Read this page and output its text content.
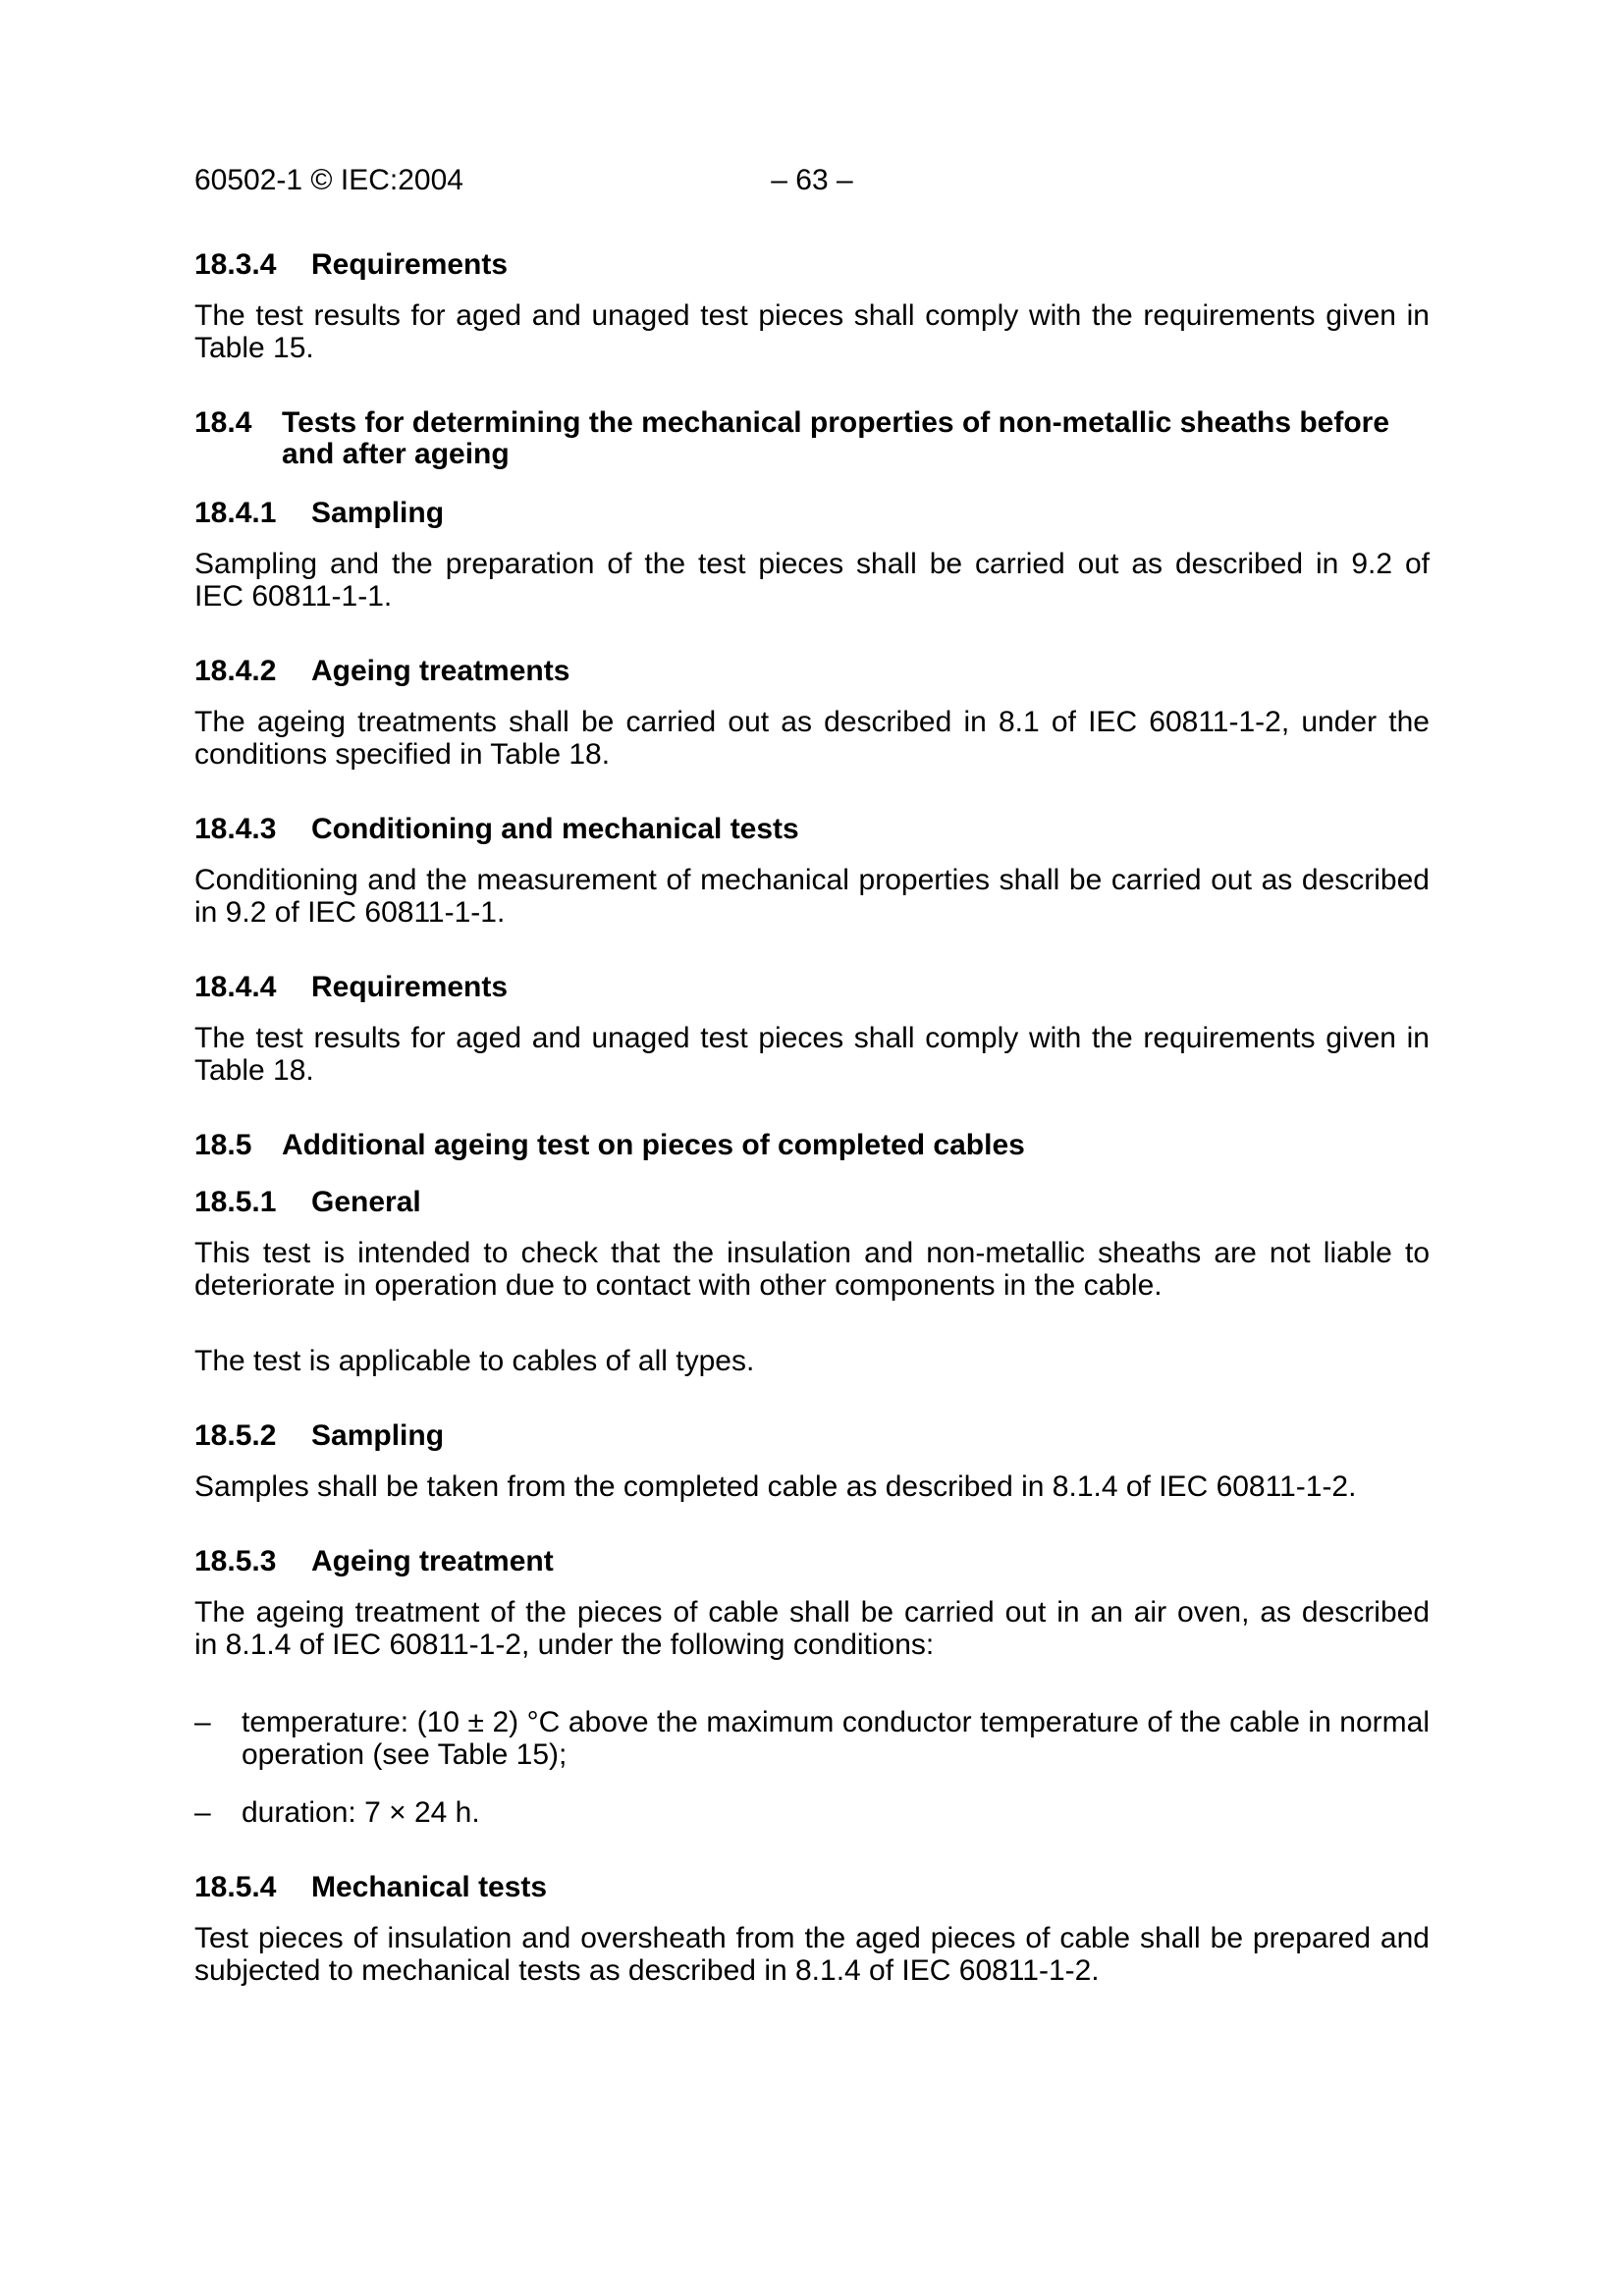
60502-1 © IEC:2004	– 63 –
18.3.4 Requirements
The test results for aged and unaged test pieces shall comply with the requirements given in
Table 15.
18.4 Tests for determining the mechanical properties of non-metallic sheaths before
and after ageing
18.4.1 Sampling
Sampling and the preparation of the test pieces shall be carried out as described in 9.2 of
IEC 60811-1-1.
18.4.2 Ageing treatments
The ageing treatments shall be carried out as described in 8.1 of IEC 60811-1-2, under the
conditions specified in Table 18.
18.4.3 Conditioning and mechanical tests
Conditioning and the measurement of mechanical properties shall be carried out as described
in 9.2 of IEC 60811-1-1.
18.4.4 Requirements
The test results for aged and unaged test pieces shall comply with the requirements given in
Table 18.
18.5 Additional ageing test on pieces of completed cables
18.5.1 General
This test is intended to check that the insulation and non-metallic sheaths are not liable to
deteriorate in operation due to contact with other components in the cable.
The test is applicable to cables of all types.
18.5.2 Sampling
Samples shall be taken from the completed cable as described in 8.1.4 of IEC 60811-1-2.
18.5.3 Ageing treatment
The ageing treatment of the pieces of cable shall be carried out in an air oven, as described
in 8.1.4 of IEC 60811-1-2, under the following conditions:
– temperature: (10 ± 2) °C above the maximum conductor temperature of the cable in normal
operation (see Table 15);
– duration: 7 × 24 h.
18.5.4 Mechanical tests
Test pieces of insulation and oversheath from the aged pieces of cable shall be prepared and
subjected to mechanical tests as described in 8.1.4 of IEC 60811-1-2.
